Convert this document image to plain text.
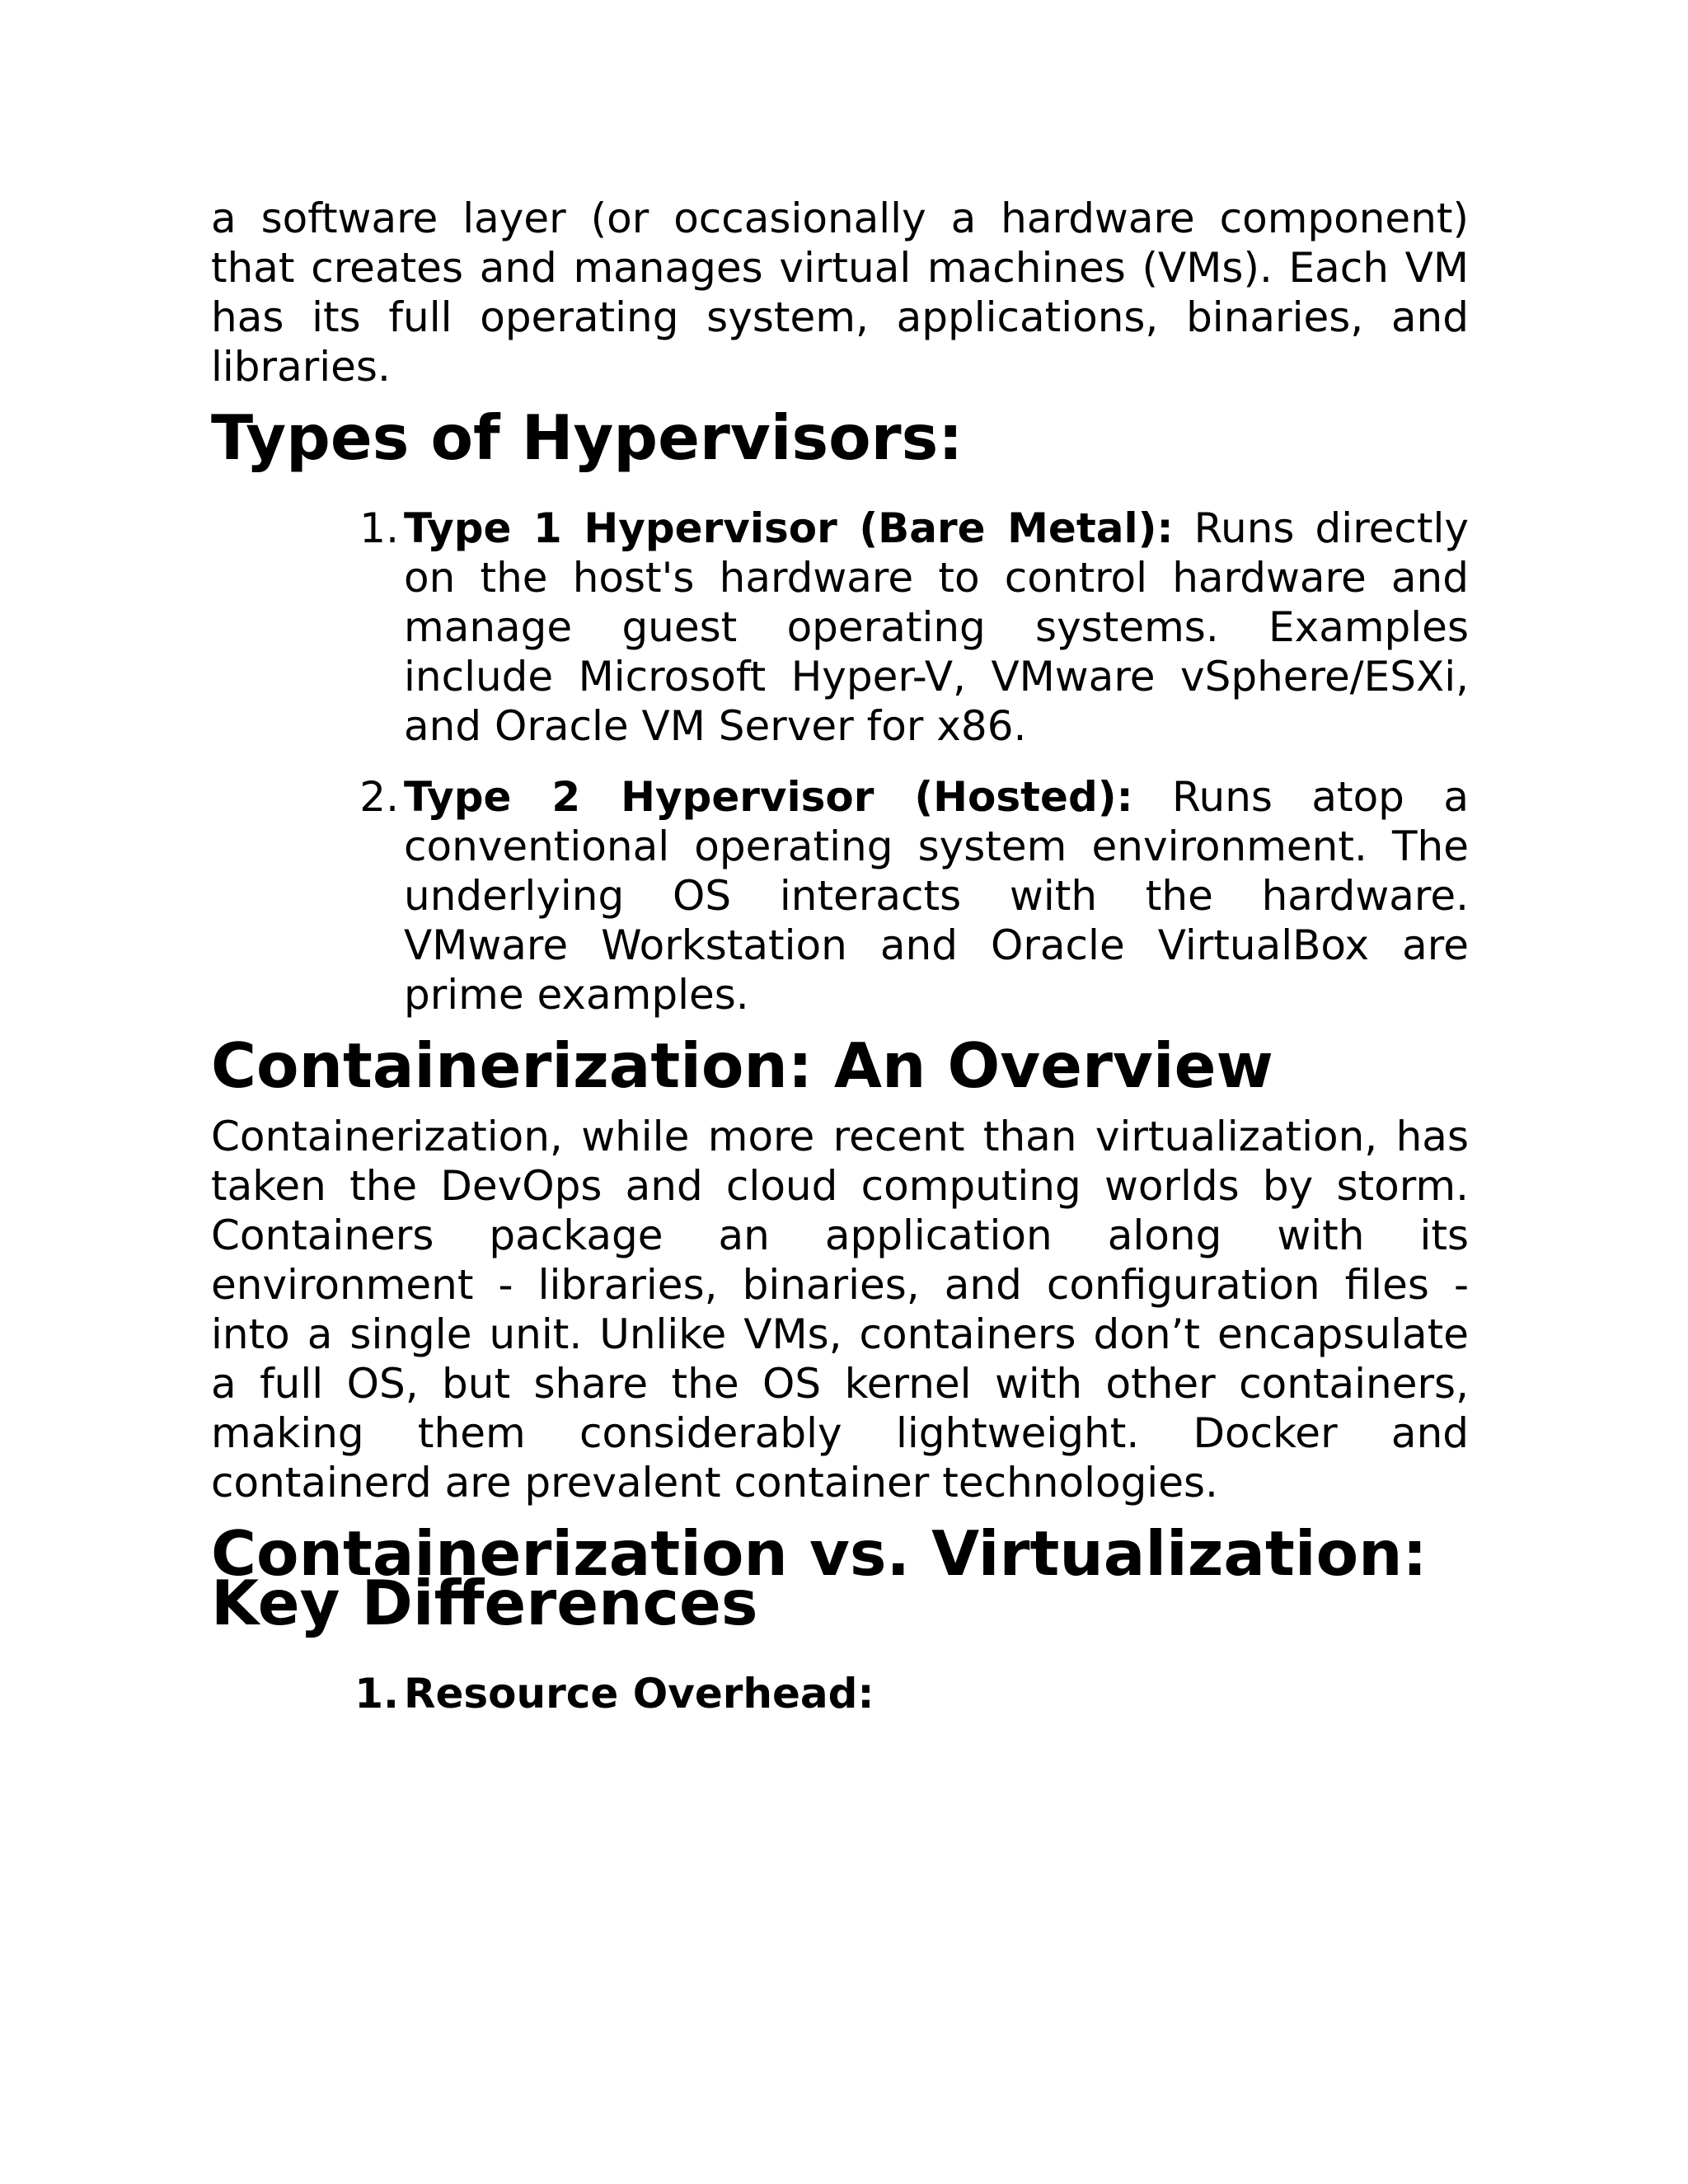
a software layer (or occasionally a hardware component) that creates and manages virtual machines (VMs). Each VM has its full operating system, applications, binaries, and libraries.

Types of Hypervisors:
1. Type 1 Hypervisor (Bare Metal): Runs directly on the host's hardware to control hardware and manage guest operating systems. Examples include Microsoft Hyper-V, VMware vSphere/ESXi, and Oracle VM Server for x86.
2. Type 2 Hypervisor (Hosted): Runs atop a conventional operating system environment. The underlying OS interacts with the hardware. VMware Workstation and Oracle VirtualBox are prime examples.
Containerization: An Overview

Containerization, while more recent than virtualization, has taken the DevOps and cloud computing worlds by storm. Containers package an application along with its environment - libraries, binaries, and configuration files - into a single unit. Unlike VMs, containers don’t encapsulate a full OS, but share the OS kernel with other containers, making them considerably lightweight. Docker and containerd are prevalent container technologies.

Containerization vs. Virtualization: Key Differences
1. Resource Overhead:
